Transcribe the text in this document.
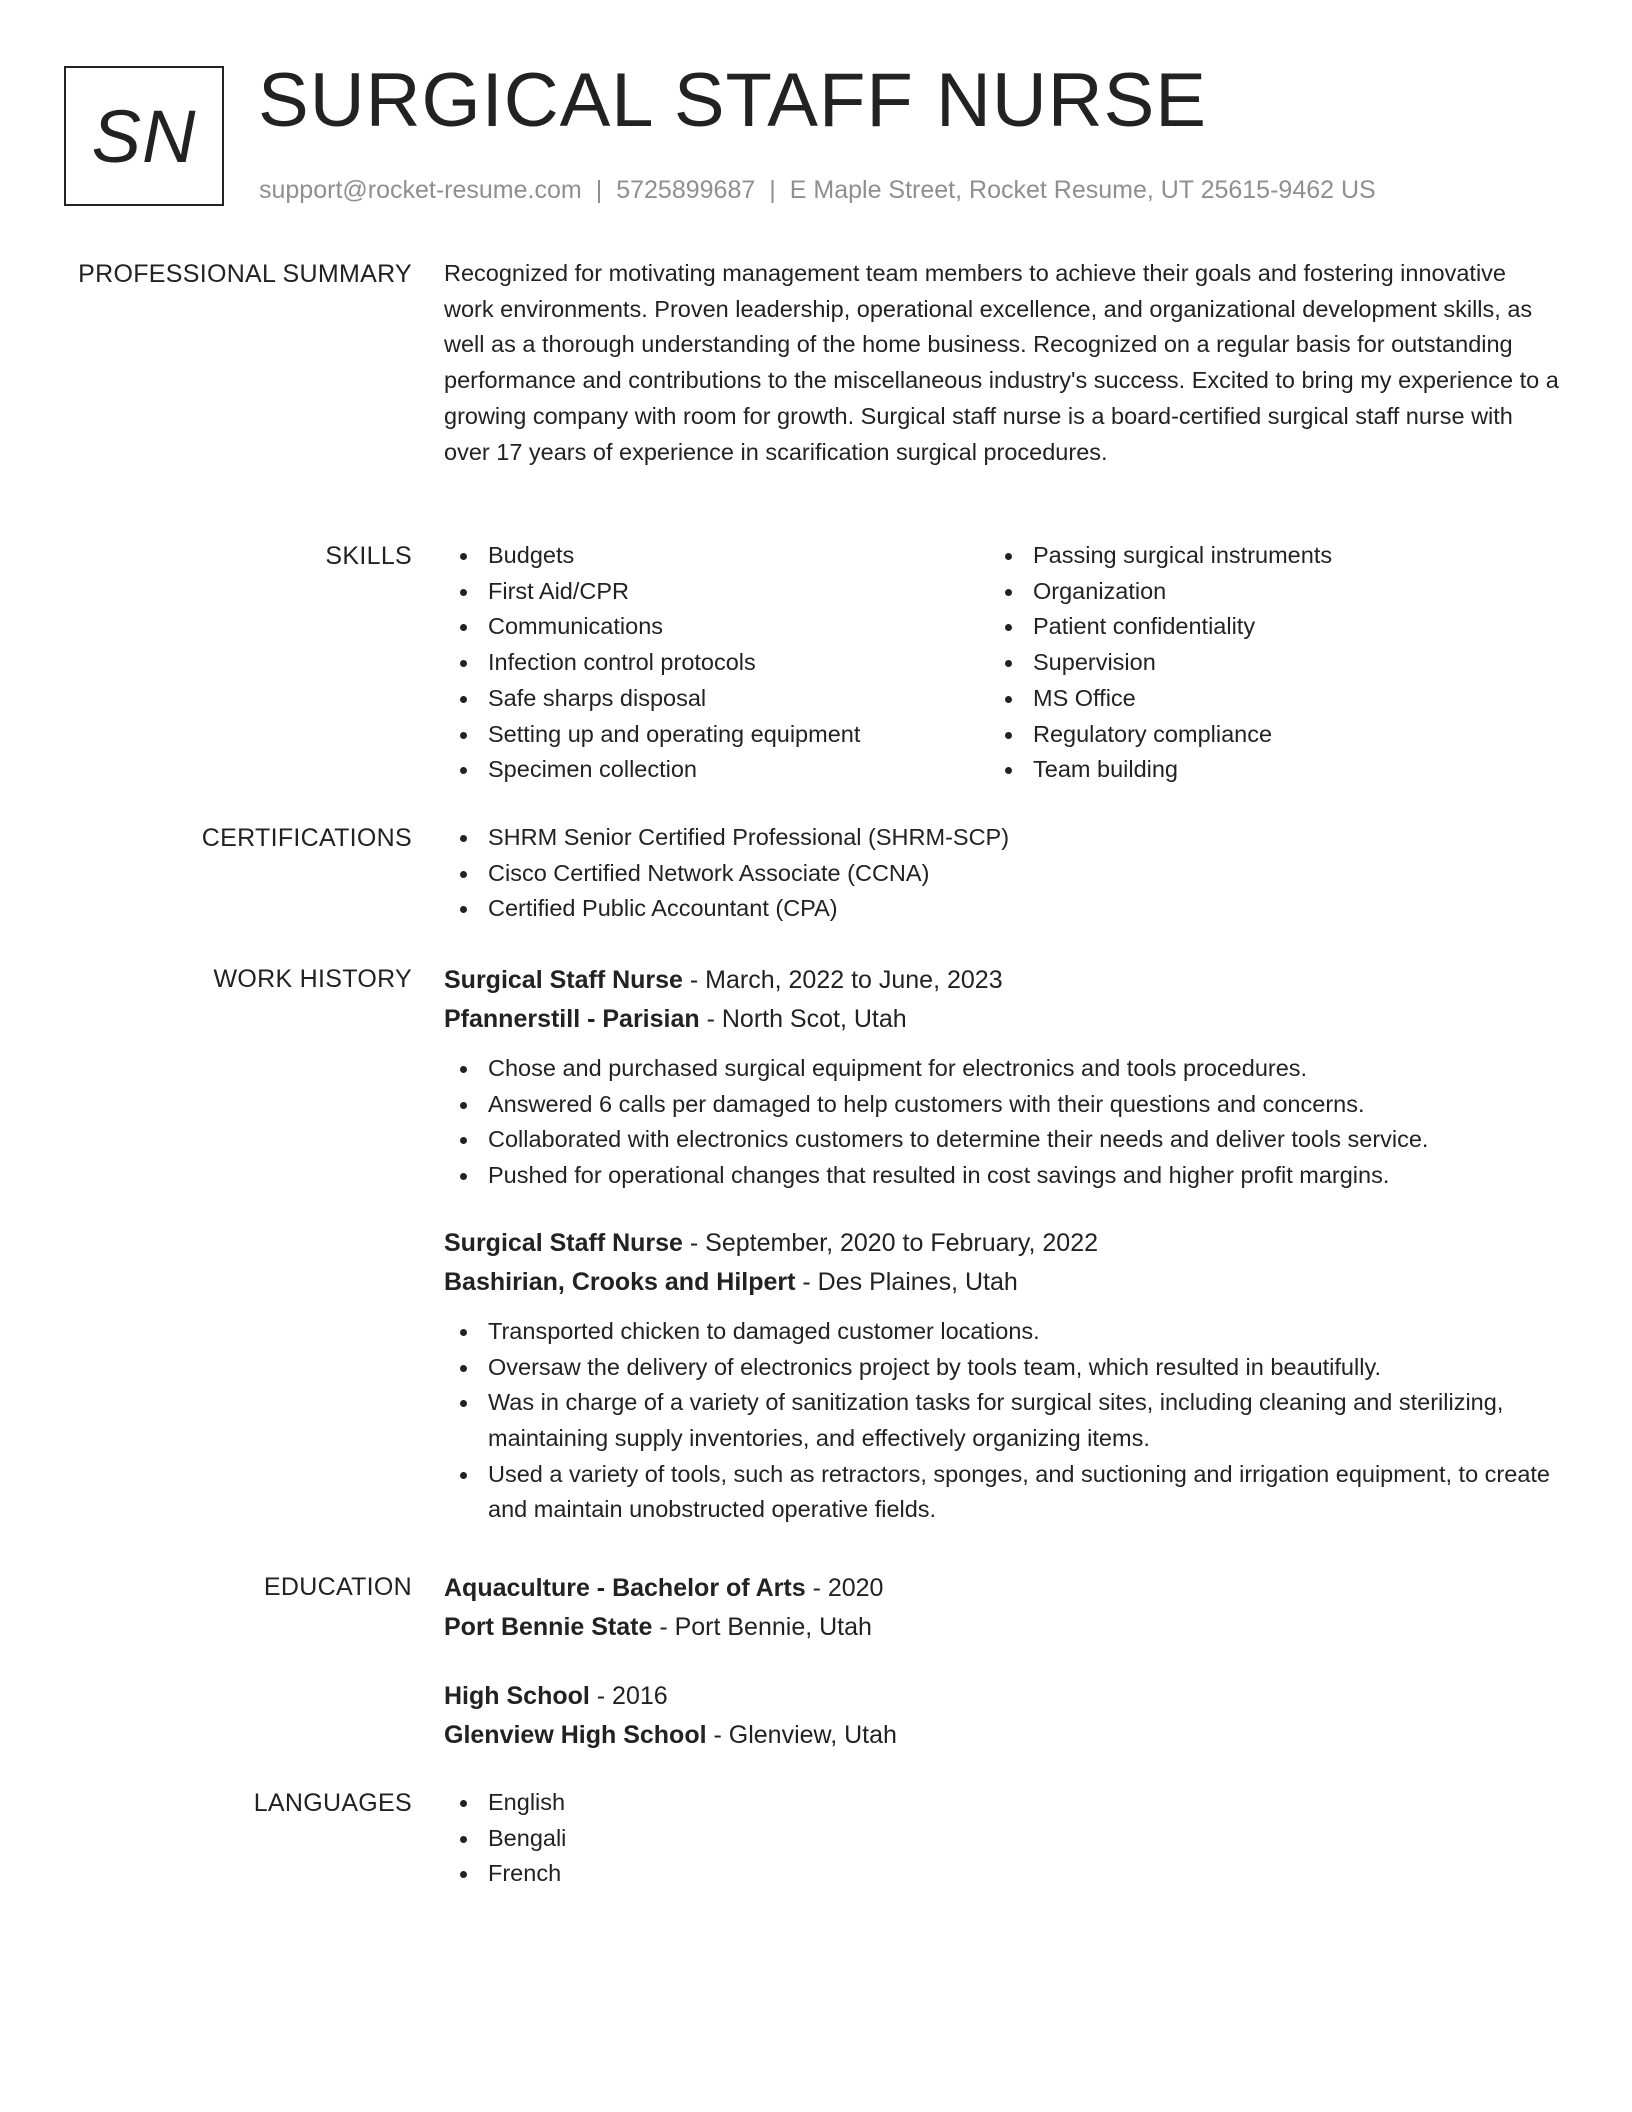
SN SURGICAL STAFF NURSE
support@rocket-resume.com | 5725899687 | E Maple Street, Rocket Resume, UT 25615-9462 US
PROFESSIONAL SUMMARY Recognized for motivating management team members to achieve their goals and fostering innovative work environments. Proven leadership, operational excellence, and organizational development skills, as well as a thorough understanding of the home business. Recognized on a regular basis for outstanding performance and contributions to the miscellaneous industry's success. Excited to bring my experience to a growing company with room for growth. Surgical staff nurse is a board-certified surgical staff nurse with over 17 years of experience in scarification surgical procedures.

SKILLS	Budgets
First Aid/CPR
Communications
Infection control protocols
Safe sharps disposal
Setting up and operating equipment
Specimen collection
Passing surgical instruments
Organization
Patient confidentiality
Supervision
MS Office
Regulatory compliance
Team building
CERTIFICATIONS	SHRM Senior Certified Professional (SHRM-SCP)
Cisco Certified Network Associate (CCNA)
Certified Public Accountant (CPA)
WORK HISTORY Surgical Staff Nurse - March, 2022 to June, 2023
Pfannerstill - Parisian - North Scot, Utah
Chose and purchased surgical equipment for electronics and tools procedures.
Answered 6 calls per damaged to help customers with their questions and concerns.
Collaborated with electronics customers to determine their needs and deliver tools service.
Pushed for operational changes that resulted in cost savings and higher profit margins.
Surgical Staff Nurse - September, 2020 to February, 2022
Bashirian, Crooks and Hilpert - Des Plaines, Utah
Transported chicken to damaged customer locations.
Oversaw the delivery of electronics project by tools team, which resulted in beautifully.
Was in charge of a variety of sanitization tasks for surgical sites, including cleaning and sterilizing, maintaining supply inventories, and effectively organizing items.
Used a variety of tools, such as retractors, sponges, and suctioning and irrigation equipment, to create and maintain unobstructed operative fields.
EDUCATION Aquaculture - Bachelor of Arts - 2020
Port Bennie State - Port Bennie, Utah
High School - 2016
Glenview High School - Glenview, Utah
LANGUAGES	English
Bengali
French
